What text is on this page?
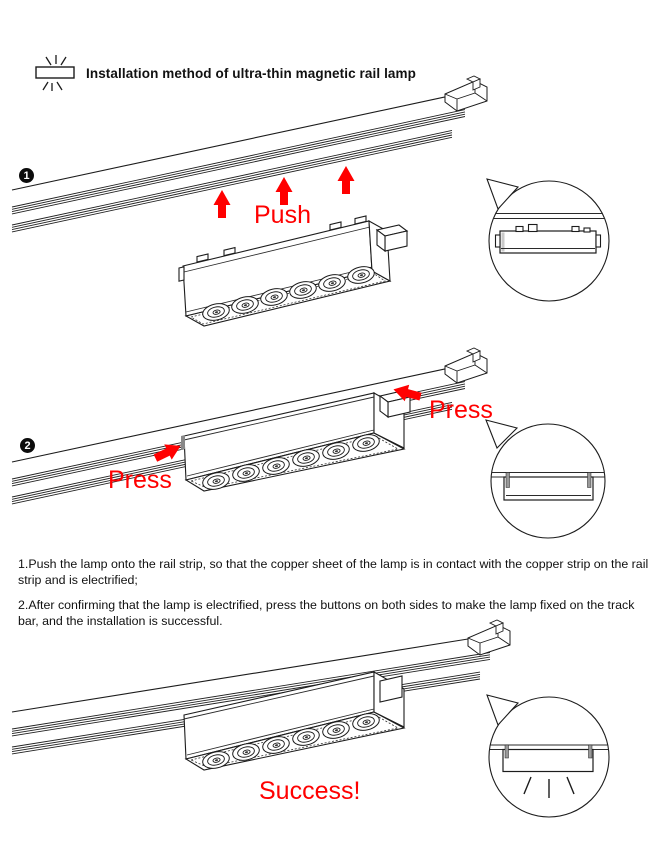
Installation method of ultra-thin magnetic rail lamp
1
2
Push
Press
Press
Success!
1.Push the lamp onto the rail strip, so that the copper sheet of the lamp is in contact with the copper strip on the rail strip and is electrified;
2.After confirming that the lamp is electrified, press the buttons on both sides to make the lamp fixed on the track bar, and the installation is successful.
